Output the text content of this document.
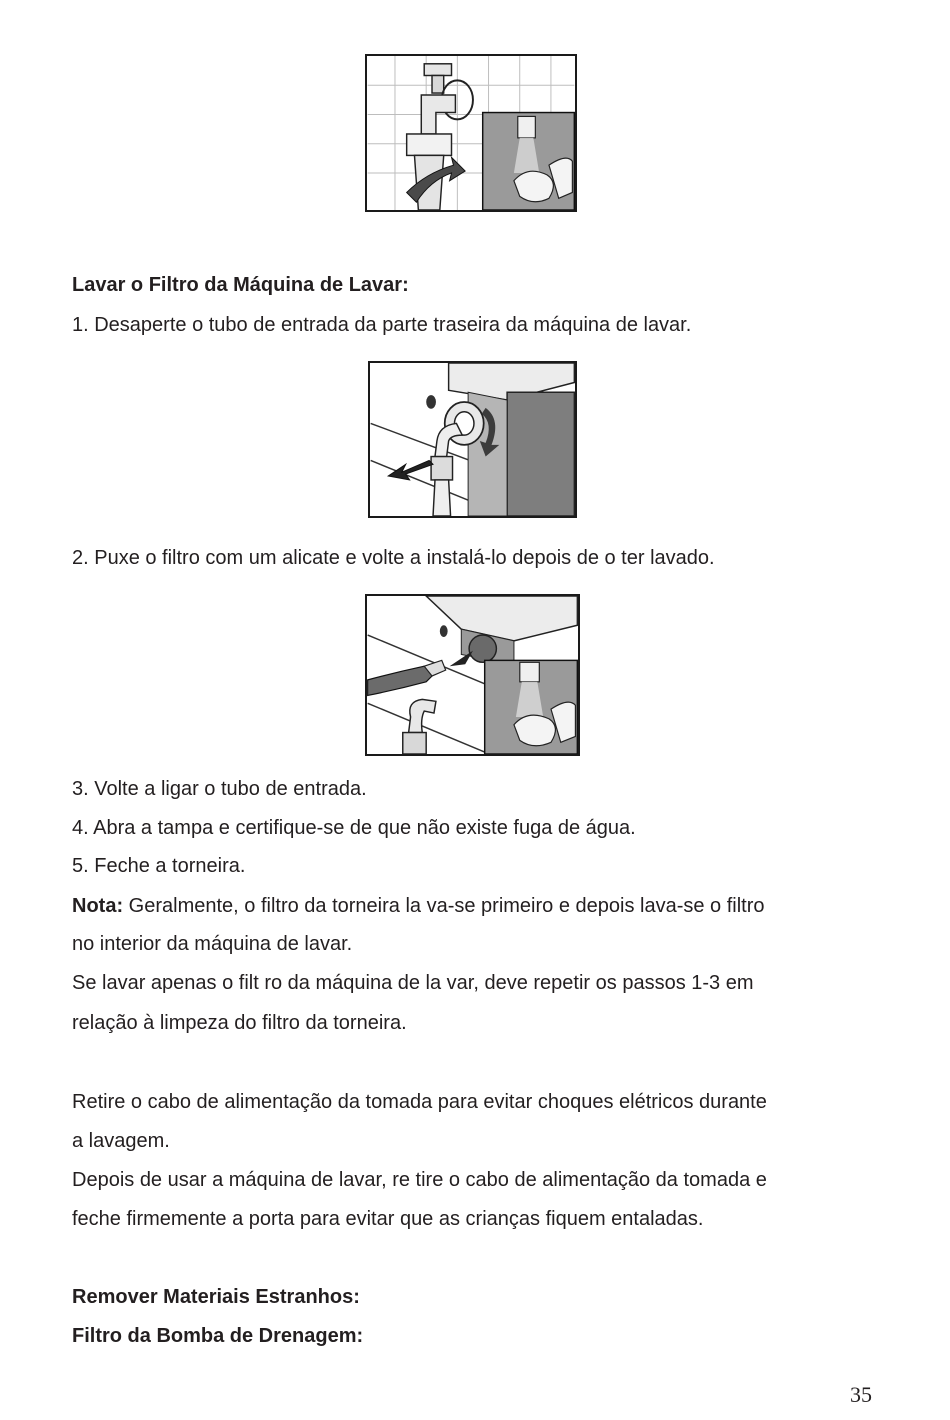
Lavar o Filtro da Máquina de Lavar:

1. Desaperte o tubo de entrada da parte traseira da máquina de lavar.

2. Puxe o filtro com um alicate e volte a instalá-lo depois de o ter lavado.

3. Volte a ligar o tubo de entrada.

4. Abra a tampa e certifique-se de que não existe fuga de água.

5. Feche a torneira.

Nota: Geralmente, o filtro da torneira la va-se primeiro e depois lava-se o filtro

no interior da máquina de lavar.

Se lavar apenas o filt ro da máquina de la var, deve repetir os passos 1-3 em

relação à limpeza do filtro da torneira.

Retire o cabo de alimentação da tomada para evitar choques elétricos durante

a lavagem.

Depois de usar a máquina de lavar, re tire o cabo de alimentação da tomada e

feche firmemente a porta para evitar que as crianças fiquem entaladas.

Remover Materiais Estranhos:

Filtro da Bomba de Drenagem:

35
